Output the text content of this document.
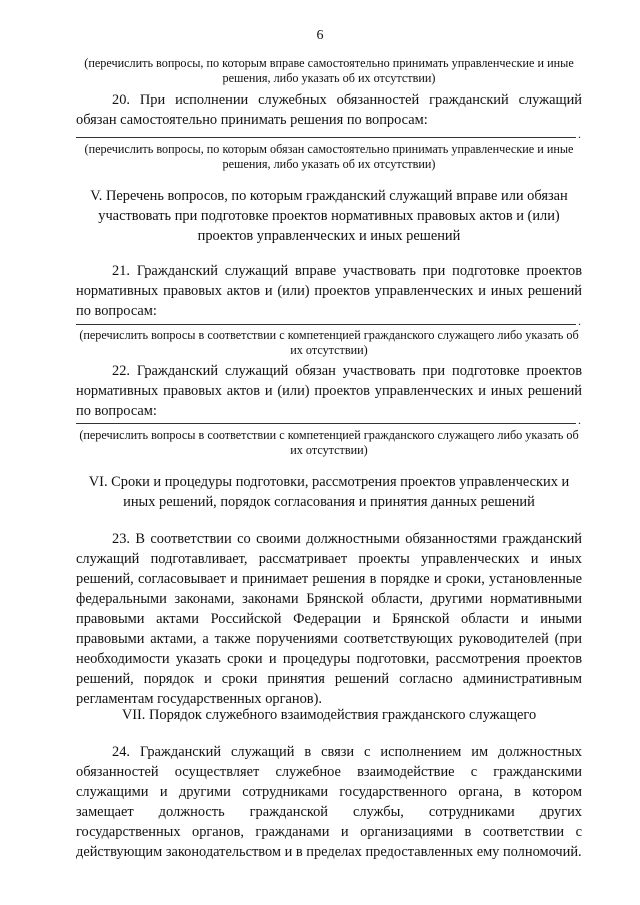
6
(перечислить вопросы, по которым вправе самостоятельно принимать управленческие и иные решения, либо указать об их отсутствии)
20. При исполнении служебных обязанностей гражданский служащий обязан самостоятельно принимать решения по вопросам:
.
(перечислить вопросы, по которым обязан самостоятельно принимать управленческие и иные решения, либо указать об их отсутствии)
V. Перечень вопросов, по которым гражданский служащий вправе или обязан участвовать при подготовке проектов нормативных правовых актов и (или) проектов управленческих и иных решений
21. Гражданский служащий вправе участвовать при подготовке проектов нормативных правовых актов и (или) проектов управленческих и иных решений по вопросам:
.
(перечислить вопросы в соответствии с компетенцией гражданского служащего либо указать об их отсутствии)
22. Гражданский служащий обязан участвовать при подготовке проектов нормативных правовых актов и (или) проектов управленческих и иных решений по вопросам:
.
(перечислить вопросы в соответствии с компетенцией гражданского служащего либо указать об их отсутствии)
VI. Сроки и процедуры подготовки, рассмотрения проектов управленческих и иных решений, порядок согласования и принятия данных решений
23. В соответствии со своими должностными обязанностями гражданский служащий подготавливает, рассматривает проекты управленческих и иных решений, согласовывает и принимает решения в порядке и сроки, установленные федеральными законами, законами Брянской области, другими нормативными правовыми актами Российской Федерации и Брянской области и иными правовыми актами, а также поручениями соответствующих руководителей (при необходимости указать сроки и процедуры подготовки, рассмотрения проектов решений, порядок и сроки принятия решений согласно административным регламентам государственных органов).
VII. Порядок служебного взаимодействия гражданского служащего
24. Гражданский служащий в связи с исполнением им должностных обязанностей осуществляет служебное взаимодействие с гражданскими служащими и другими сотрудниками государственного органа, в котором замещает должность гражданской службы, сотрудниками других государственных органов, гражданами и организациями в соответствии с действующим законодательством и в пределах предоставленных ему полномочий.
